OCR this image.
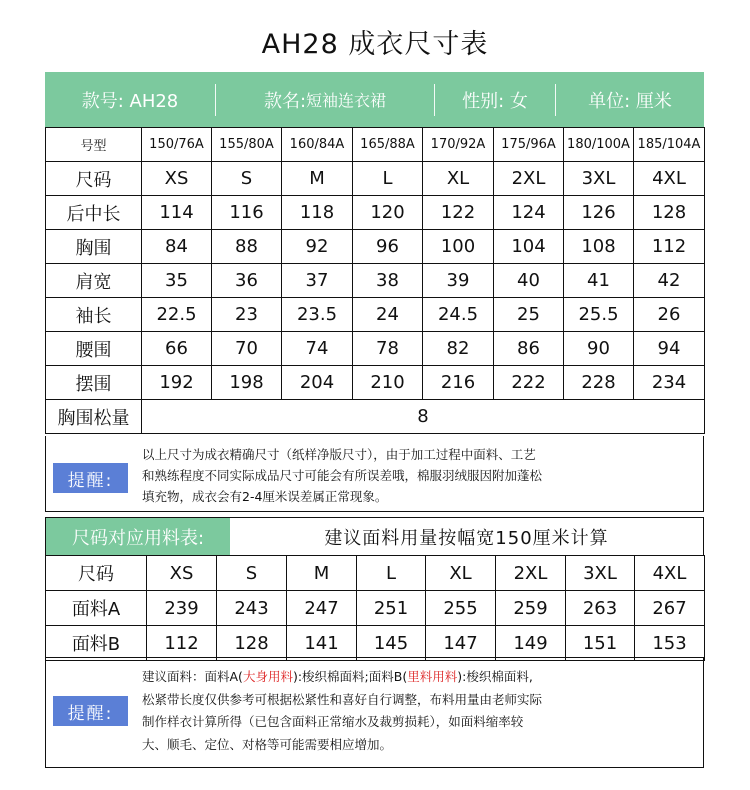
AH28 成衣尺寸表
款号: AH28	款名: 短袖连衣裙	性别: 女	单位: 厘米
号型	150/76A	155/80A	160/84A	165/88A	170/92A	175/96A	180/100A	185/104A
尺码	XS	S	M	L	XL	2XL	3XL	4XL
后中长	114	116	118	120	122	124	126	128
胸围	84	88	92	96	100	104	108	112
肩宽	35	36	37	38	39	40	41	42
袖长	22.5	23	23.5	24	24.5	25	25.5	26
腰围	66	70	74	78	82	86	90	94
摆围	192	198	204	210	216	222	228	234
胸围松量	8							
提醒:
以上尺寸为成衣精确尺寸（纸样净版尺寸），由于加工过程中面料、工艺
和熟练程度不同实际成品尺寸可能会有所误差哦，棉服羽绒服因附加蓬松
填充物，成衣会有2-4厘米误差属正常现象。
尺码对应用料表:	建议面料用量按幅宽150厘米计算
尺码	XS	S	M	L	XL	2XL	3XL	4XL
面料A	239	243	247	251	255	259	263	267
面料B	112	128	141	145	147	149	151	153
提醒:
建议面料：面料A(大身用料):梭织棉面料;面料B(里料用料):梭织棉面料,
松紧带长度仅供参考可根据松紧性和喜好自行调整，布料用量由老师实际
制作样衣计算所得（已包含面料正常缩水及裁剪损耗），如面料缩率较
大、顺毛、定位、对格等可能需要相应增加。
